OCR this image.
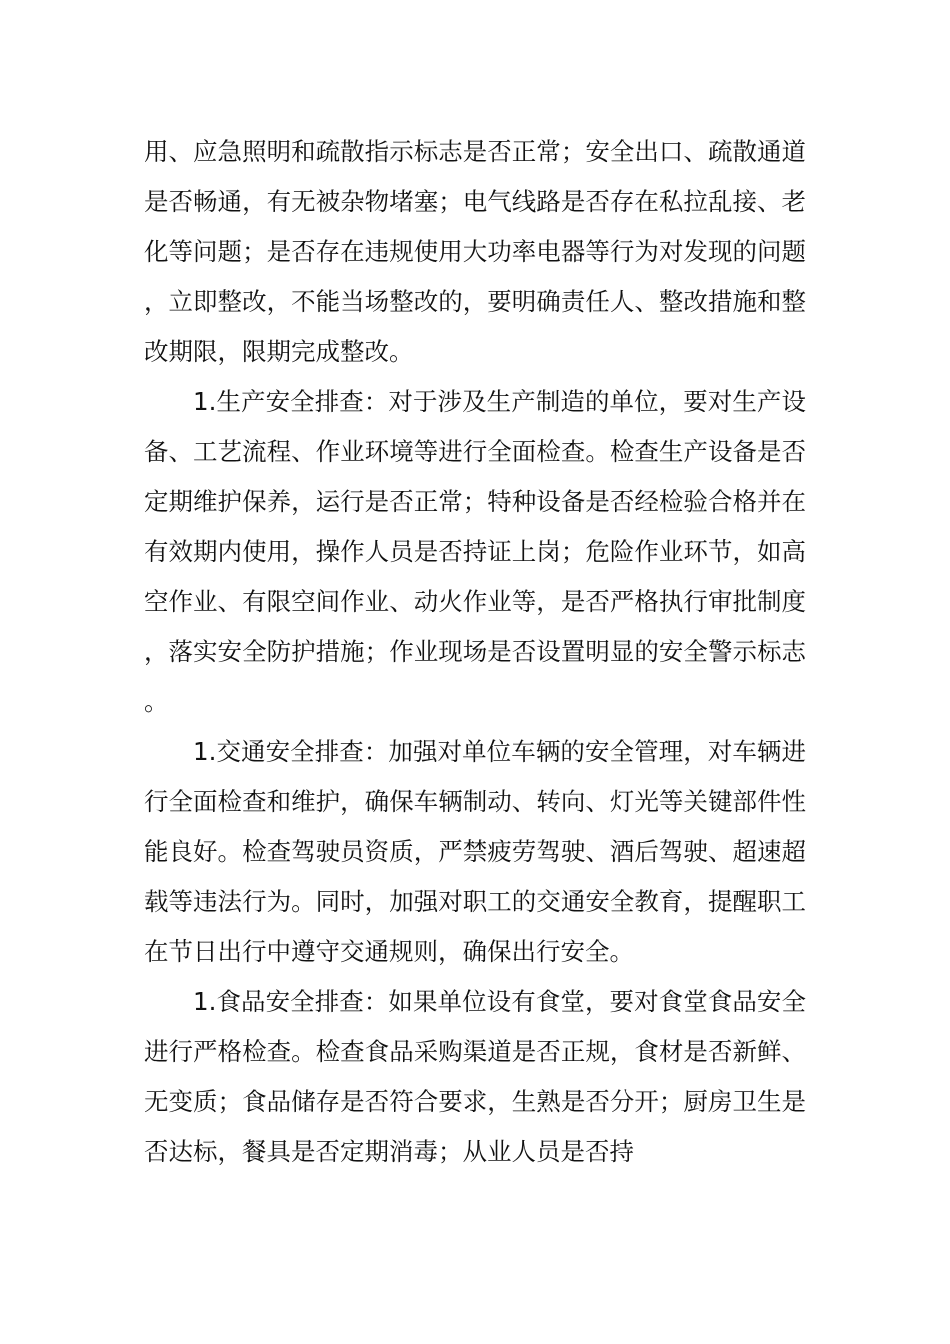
用、应急照明和疏散指示标志是否正常；安全出口、疏散通道是否畅通，有无被杂物堵塞；电气线路是否存在私拉乱接、老化等问题；是否存在违规使用大功率电器等行为对发现的问题，立即整改，不能当场整改的，要明确责任人、整改措施和整改期限，限期完成整改。

1.生产安全排查：对于涉及生产制造的单位，要对生产设备、工艺流程、作业环境等进行全面检查。检查生产设备是否定期维护保养，运行是否正常；特种设备是否经检验合格并在有效期内使用，操作人员是否持证上岗；危险作业环节，如高空作业、有限空间作业、动火作业等，是否严格执行审批制度，落实安全防护措施；作业现场是否设置明显的安全警示标志。

1.交通安全排查：加强对单位车辆的安全管理，对车辆进行全面检查和维护，确保车辆制动、转向、灯光等关键部件性能良好。检查驾驶员资质，严禁疲劳驾驶、酒后驾驶、超速超载等违法行为。同时，加强对职工的交通安全教育，提醒职工在节日出行中遵守交通规则，确保出行安全。

1.食品安全排查：如果单位设有食堂，要对食堂食品安全进行严格检查。检查食品采购渠道是否正规，食材是否新鲜、无变质；食品储存是否符合要求，生熟是否分开；厨房卫生是否达标，餐具是否定期消毒；从业人员是否持
